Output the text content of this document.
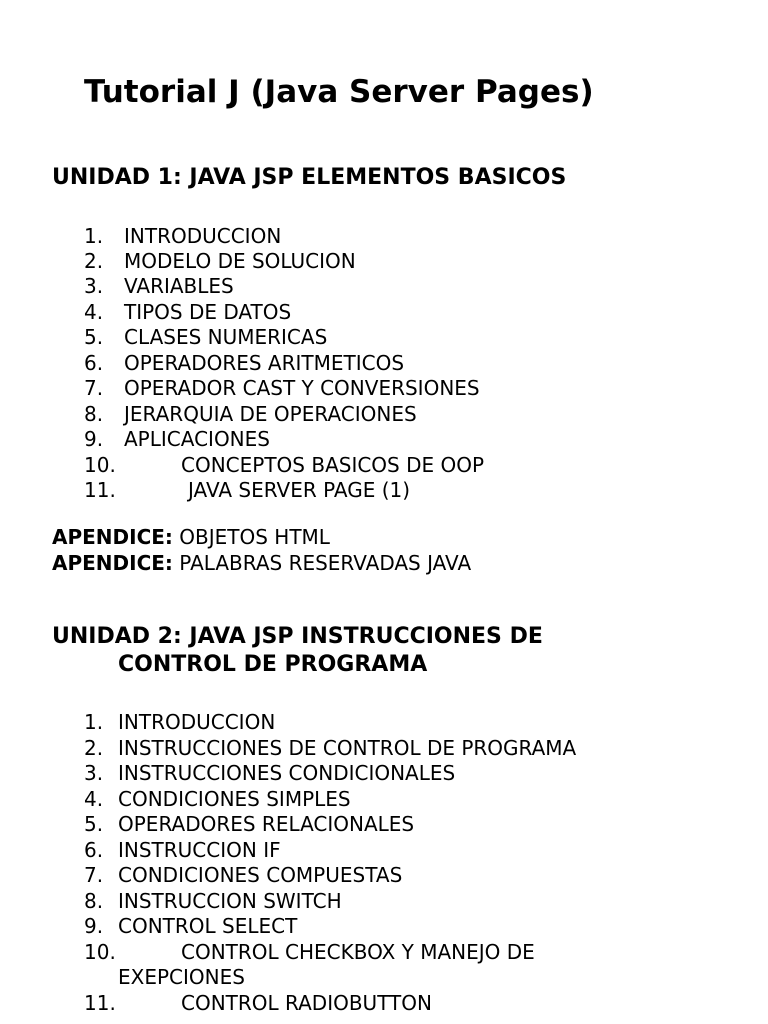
Tutorial J (Java Server Pages)
UNIDAD 1: JAVA JSP ELEMENTOS BASICOS
1. INTRODUCCION
2. MODELO DE SOLUCION
3. VARIABLES
4. TIPOS DE DATOS
5. CLASES NUMERICAS
6. OPERADORES ARITMETICOS
7. OPERADOR CAST Y CONVERSIONES
8. JERARQUIA DE OPERACIONES
9. APLICACIONES
10.	CONCEPTOS BASICOS DE OOP
11.	JAVA SERVER PAGE (1)
APENDICE: OBJETOS HTML
APENDICE: PALABRAS RESERVADAS JAVA
UNIDAD 2: JAVA JSP INSTRUCCIONES DE
CONTROL DE PROGRAMA
1. INTRODUCCION
2. INSTRUCCIONES DE CONTROL DE PROGRAMA
3. INSTRUCCIONES CONDICIONALES
4. CONDICIONES SIMPLES
5. OPERADORES RELACIONALES
6. INSTRUCCION IF
7. CONDICIONES COMPUESTAS
8. INSTRUCCION SWITCH
9. CONTROL SELECT
10.	CONTROL CHECKBOX Y MANEJO DE
EXEPCIONES
11.	CONTROL RADIOBUTTON
